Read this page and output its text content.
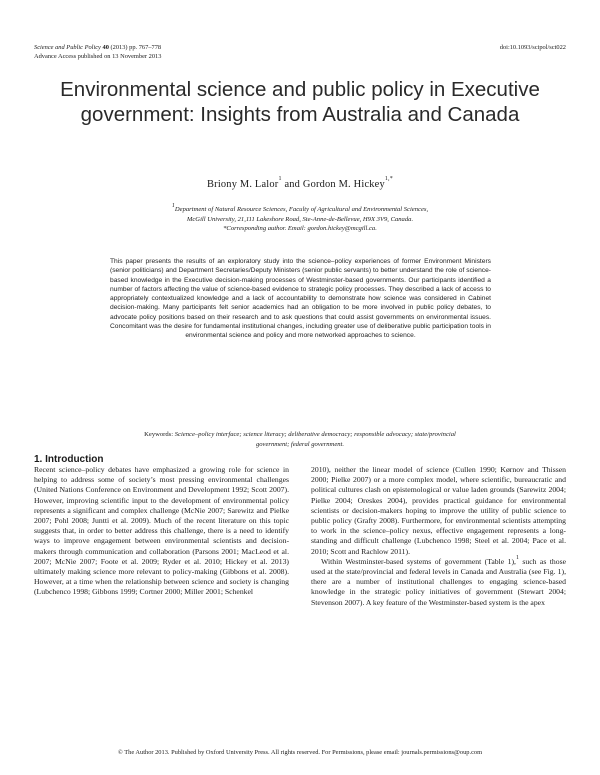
Science and Public Policy 40 (2013) pp. 767–778
Advance Access published on 13 November 2013
doi:10.1093/scipol/sct022
Environmental science and public policy in Executive government: Insights from Australia and Canada
Briony M. Lalor$^1$ and Gordon M. Hickey$^{1,*}$
$^1$Department of Natural Resource Sciences, Faculty of Agricultural and Environmental Sciences,
McGill University, 21,111 Lakeshore Road, Ste-Anne-de-Bellevue, H9X 3V9, Canada.
*Corresponding author. Email: gordon.hickey@mcgill.ca.
This paper presents the results of an exploratory study into the science–policy experiences of former Environment Ministers (senior politicians) and Department Secretaries/Deputy Ministers (senior public servants) to better understand the role of science-based knowledge in the Executive decision-making processes of Westminster-based governments. Our participants identified a number of factors affecting the value of science-based evidence to strategic policy processes. They described a lack of access to appropriately contextualized knowledge and a lack of accountability to demonstrate how science was considered in Cabinet decision-making. Many participants felt senior academics had an obligation to be more involved in public policy debates, to advocate policy positions based on their research and to ask questions that could assist governments on environmental issues. Concomitant was the desire for fundamental institutional changes, including greater use of deliberative public participation tools in environmental science and policy and more networked approaches to science.
Keywords: Science–policy interface; science literacy; deliberative democracy; responsible advocacy; state/provincial government; federal government.
1. Introduction

Recent science–policy debates have emphasized a growing role for science in helping to address some of society’s most pressing environmental challenges (United Nations Conference on Environment and Development 1992; Scott 2007). However, improving scientific input to the development of environmental policy represents a significant and complex challenge (McNie 2007; Sarewitz and Pielke 2007; Pohl 2008; Juntti et al. 2009). Much of the recent literature on this topic suggests that, in order to better address this challenge, there is a need to identify ways to improve engagement between environmental scientists and decision-makers through communication and collaboration (Parsons 2001; MacLeod et al. 2007; McNie 2007; Foote et al. 2009; Ryder et al. 2010; Hickey et al. 2013) ultimately making science more relevant to policy-making (Gibbons et al. 2008). However, at a time when the relationship between science and society is changing (Lubchenco 1998; Gibbons 1999; Cortner 2000; Miller 2001; Schenkel

2010), neither the linear model of science (Cullen 1990; Kørnov and Thissen 2000; Pielke 2007) or a more complex model, where scientific, bureaucratic and political cultures clash on epistemological or value laden grounds (Sarewitz 2004; Pielke 2004; Oreskes 2004), provides practical guidance for environmental scientists or decision-makers hoping to improve the utility of public science to public policy (Grafty 2008). Furthermore, for environmental scientists attempting to work in the science–policy nexus, effective engagement represents a long-standing and difficult challenge (Lubchenco 1998; Steel et al. 2004; Pace et al. 2010; Scott and Rachlow 2011).

Within Westminster-based systems of government (Table 1),$^1$ such as those used at the state/provincial and federal levels in Canada and Australia (see Fig. 1), there are a number of institutional challenges to engaging science-based knowledge in the strategic policy initiatives of government (Stewart 2004; Stevenson 2007). A key feature of the Westminster-based system is the apex

© The Author 2013. Published by Oxford University Press. All rights reserved. For Permissions, please email: journals.permissions@oup.com
